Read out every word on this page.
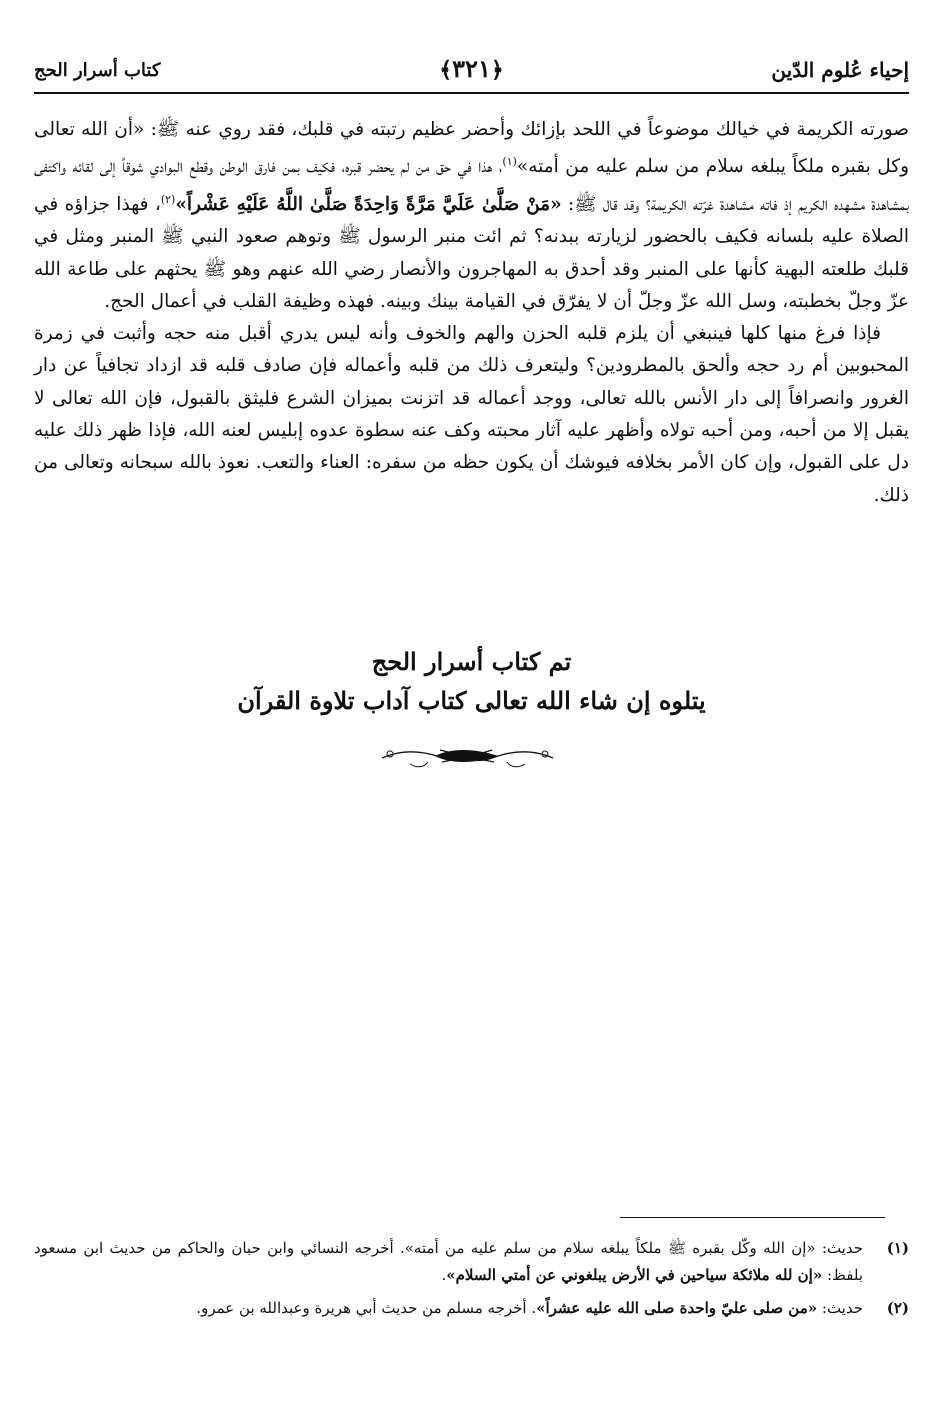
إحياء عُلوم الدّين
﴿٣٢١﴾
كتاب أسرار الحج

صورته الكريمة في خيالك موضوعاً في اللحد بإزائك وأحضر عظيم رتبته في قلبك، فقد روي عنه ﷺ: «أن الله تعالى وكل بقبره ملكاً يبلغه سلام من سلم عليه من أمته»$^{(١)}$، هذا في حق من لم يحضر قبره، فكيف بمن فارق الوطن وقطع البوادي شوقاً إلى لقائه واكتفى بمشاهدة مشهده الكريم إذ فاته مشاهدة غرّته الكريمة؟ وقد قال ﷺ: «مَنْ صَلَّىٰ عَلَيَّ مَرَّةً وَاحِدَةً صَلَّىٰ اللَّهُ عَلَيْهِ عَشْراً»$^{(٢)}$، فهذا جزاؤه في الصلاة عليه بلسانه فكيف بالحضور لزيارته ببدنه؟ ثم ائت منبر الرسول ﷺ وتوهم صعود النبي ﷺ المنبر ومثل في قلبك طلعته البهية كأنها على المنبر وقد أحدق به المهاجرون والأنصار رضي الله عنهم وهو ﷺ يحثهم على طاعة الله عزّ وجلّ بخطبته، وسل الله عزّ وجلّ أن لا يفرّق في القيامة بينك وبينه. فهذه وظيفة القلب في أعمال الحج.

فإذا فرغ منها كلها فينبغي أن يلزم قلبه الحزن والهم والخوف وأنه ليس يدري أقبل منه حجه وأثبت في زمرة المحبوبين أم رد حجه وألحق بالمطرودين؟ وليتعرف ذلك من قلبه وأعماله فإن صادف قلبه قد ازداد تجافياً عن دار الغرور وانصرافاً إلى دار الأنس بالله تعالى، ووجد أعماله قد اتزنت بميزان الشرع فليثق بالقبول، فإن الله تعالى لا يقبل إلا من أحبه، ومن أحبه تولاه وأظهر عليه آثار محبته وكف عنه سطوة عدوه إبليس لعنه الله، فإذا ظهر ذلك عليه دل على القبول، وإن كان الأمر بخلافه فيوشك أن يكون حظه من سفره: العناء والتعب. نعوذ بالله سبحانه وتعالى من ذلك.

تم كتاب أسرار الحج
يتلوه إن شاء الله تعالى كتاب آداب تلاوة القرآن
(١)
حديث: «إن الله وكّل بقبره ﷺ ملكاً يبلغه سلام من سلم عليه من أمته». أخرجه النسائي وابن حبان والحاكم من حديث ابن مسعود بلفظ: «إن لله ملائكة سياحين في الأرض يبلغوني عن أمتي السلام».
(٢)
حديث: «من صلى عليّ واحدة صلى الله عليه عشراً». أخرجه مسلم من حديث أبي هريرة وعبدالله بن عمرو.
